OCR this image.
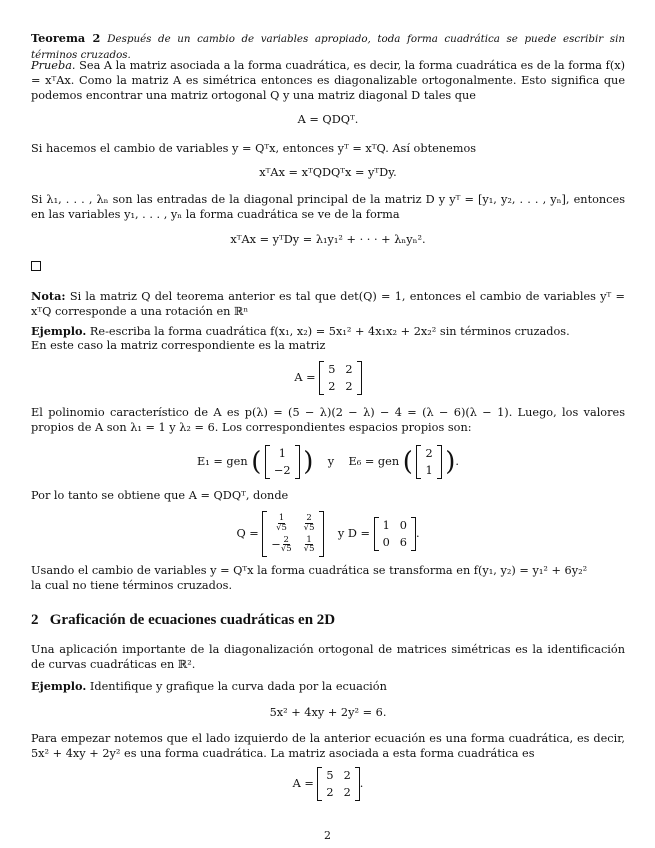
Teorema 2 Después de un cambio de variables apropiado, toda forma cuadrática se puede escribir sin términos cruzados.
Prueba. Sea A la matriz asociada a la forma cuadrática, es decir, la forma cuadrática es de la forma f(x) = xᵀAx. Como la matriz A es simétrica entonces es diagonalizable ortogonalmente. Esto significa que podemos encontrar una matriz ortogonal Q y una matriz diagonal D tales que
A = QDQᵀ.
Si hacemos el cambio de variables y = Qᵀx, entonces yᵀ = xᵀQ. Así obtenemos
xᵀAx = xᵀQDQᵀx = yᵀDy.
Si λ₁, . . . , λₙ son las entradas de la diagonal principal de la matriz D y yᵀ = [y₁, y₂, . . . , yₙ], entonces en las variables y₁, . . . , yₙ la forma cuadrática se ve de la forma
xᵀAx = yᵀDy = λ₁y₁² + · · · + λₙyₙ².
Nota: Si la matriz Q del teorema anterior es tal que det(Q) = 1, entonces el cambio de variables yᵀ = xᵀQ corresponde a una rotación en ℝⁿ
Ejemplo. Re-escriba la forma cuadrática f(x₁, x₂) = 5x₁² + 4x₁x₂ + 2x₂² sin términos cruzados.
En este caso la matriz correspondiente es la matriz
A =
5 2
2 2
El polinomio característico de A es p(λ) = (5 − λ)(2 − λ) − 4 = (λ − 6)(λ − 1). Luego, los valores propios de A son λ₁ = 1 y λ₂ = 6. Los correspondientes espacios propios son:
E₁ = gen (	1
−2 ) y E₆ = gen ( 2
1 ).
Por lo tanto se obtiene que A = QDQᵀ, donde
Q =
$\frac{1}{√5} \frac{2}{√5}$
− $\frac{2}{√5} \frac{1}{√5}$
y D =
1 0
0 6
.
Usando el cambio de variables y = Qᵀx la forma cuadrática se transforma en f(y₁, y₂) = y₁² + 6y₂²
la cual no tiene términos cruzados.
2 Graficación de ecuaciones cuadráticas en 2D
Una aplicación importante de la diagonalización ortogonal de matrices simétricas es la identificación de curvas cuadráticas en ℝ².
Ejemplo. Identifique y grafique la curva dada por la ecuación
5x² + 4xy + 2y² = 6.
Para empezar notemos que el lado izquierdo de la anterior ecuación es una forma cuadrática, es decir, 5x² + 4xy + 2y² es una forma cuadrática. La matriz asociada a esta forma cuadrática es
A =
5 2
2 2
.
2
